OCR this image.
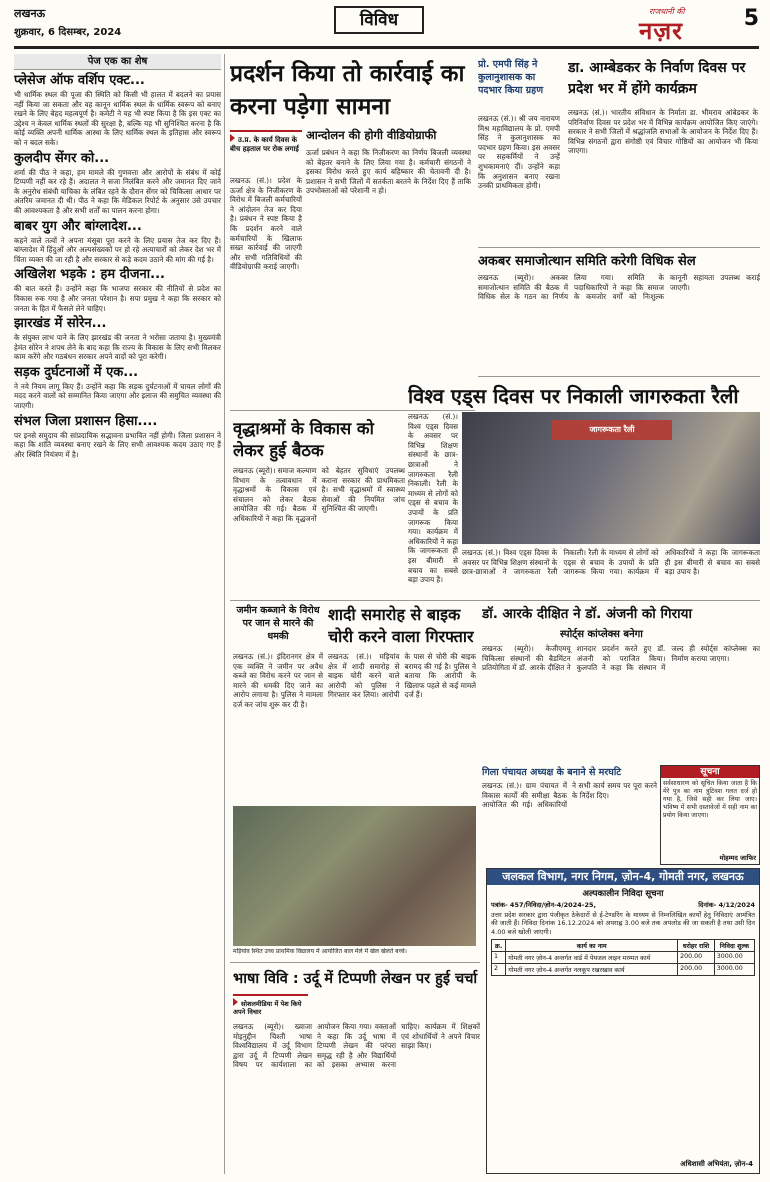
लखनऊ
शुक्रवार, 6 दिसम्बर, 2024
विविध	राजधानी की
नज़र	5
पेज एक का शेष
प्लेसेज ऑफ वर्शिप एक्ट...

भी धार्मिक स्थल की पूजा की स्थिति को किसी भी हालत में बदलने का प्रयास नहीं किया जा सकता और वह कानून धार्मिक स्थल के धार्मिक स्वरूप को बनाए रखने के लिए बेहद महत्वपूर्ण है। कमेटी ने यह भी स्पष्ट किया है कि इस एक्ट का उद्देश्य न केवल धार्मिक स्थलों की सुरक्षा है, बल्कि यह भी सुनिश्चित करना है कि कोई व्यक्ति अपनी धार्मिक आस्था के लिए धार्मिक स्थल के इतिहास और स्वरूप को न बदल सके।

कुलदीप सेंगर को...

शर्मा की पीठ ने कहा, हम मामले की गुणवत्ता और आरोपों के संबंध में कोई टिप्पणी नहीं कर रहे हैं। अदालत ने सजा निलंबित करने और जमानत दिए जाने के अनुरोध संबंधी याचिका के लंबित रहने के दौरान सेंगर को चिकित्सा आधार पर अंतरिम जमानत दी थी। पीठ ने कहा कि मेडिकल रिपोर्ट के अनुसार उसे उपचार की आवश्यकता है और सभी शर्तों का पालन करना होगा।

बाबर युग और बांग्लादेश...

कहने वाले तत्वों ने अपना मंसूबा पूरा करने के लिए प्रयास तेज कर दिए हैं। बांग्लादेश में हिंदुओं और अल्पसंख्यकों पर हो रहे अत्याचारों को लेकर देश भर में चिंता व्यक्त की जा रही है और सरकार से कड़े कदम उठाने की मांग की गई है।

अखिलेश भड़के : हम दीजना...

की बात करते हैं। उन्होंने कहा कि भाजपा सरकार की नीतियों से प्रदेश का विकास रुक गया है और जनता परेशान है। सपा प्रमुख ने कहा कि सरकार को जनता के हित में फैसले लेने चाहिए।

झारखंड में सोरेन...

के संयुक्त लाभ पाने के लिए झारखंड की जनता ने भरोसा जताया है। मुख्यमंत्री हेमंत सोरेन ने शपथ लेने के बाद कहा कि राज्य के विकास के लिए सभी मिलकर काम करेंगे और गठबंधन सरकार अपने वादों को पूरा करेगी।

सड़क दुर्घटनाओं में एक...

ने नये नियम लागू किए हैं। उन्होंने कहा कि सड़क दुर्घटनाओं में घायल लोगों की मदद करने वालों को सम्मानित किया जाएगा और इलाज की समुचित व्यवस्था की जाएगी।

संभल जिला प्रशासन हिसा....

पर इनसे समुदाय की सांप्रदायिक सद्भावना प्रभावित नहीं होगी। जिला प्रशासन ने कहा कि शांति व्यवस्था बनाए रखने के लिए सभी आवश्यक कदम उठाए गए हैं और स्थिति नियंत्रण में है।

प्रदर्शन किया तो कार्रवाई का करना पड़ेगा सामना
उ.प्र. के कार्य दिवस के बीच हड़ताल पर रोक लगाई
आन्दोलन की होगी वीडियोग्राफी
लखनऊ (सं.)। प्रदेश के ऊर्जा क्षेत्र के निजीकरण के विरोध में बिजली कर्मचारियों ने आंदोलन तेज कर दिया है। प्रबंधन ने स्पष्ट किया है कि प्रदर्शन करने वाले कर्मचारियों के खिलाफ सख्त कार्रवाई की जाएगी और सभी गतिविधियों की वीडियोग्राफी कराई जाएगी।
ऊर्जा प्रबंधन ने कहा कि निजीकरण का निर्णय बिजली व्यवस्था को बेहतर बनाने के लिए लिया गया है। कर्मचारी संगठनों ने इसका विरोध करते हुए कार्य बहिष्कार की चेतावनी दी है। प्रशासन ने सभी जिलों में सतर्कता बरतने के निर्देश दिए हैं ताकि उपभोक्ताओं को परेशानी न हो।
प्रो. एमपी सिंह ने कुलानुशासक का पदभार किया ग्रहण
लखनऊ (सं.)। श्री जय नारायण मिश्र महाविद्यालय के प्रो. एमपी सिंह ने कुलानुशासक का पदभार ग्रहण किया। इस अवसर पर सहकर्मियों ने उन्हें शुभकामनाएं दीं। उन्होंने कहा कि अनुशासन बनाए रखना उनकी प्राथमिकता होगी।
डा. आम्बेडकर के निर्वाण दिवस पर प्रदेश भर में होंगे कार्यक्रम
लखनऊ (सं.)। भारतीय संविधान के निर्माता डा. भीमराव आंबेडकर के परिनिर्वाण दिवस पर प्रदेश भर में विभिन्न कार्यक्रम आयोजित किए जाएंगे। सरकार ने सभी जिलों में श्रद्धांजलि सभाओं के आयोजन के निर्देश दिए हैं। विभिन्न संगठनों द्वारा संगोष्ठी एवं विचार गोष्ठियों का आयोजन भी किया जाएगा।
अकबर समाजोत्थान समिति करेगी विधिक सेल
लखनऊ (ब्यूरो)। अकबर समाजोत्थान समिति की बैठक में विधिक सेल के गठन का निर्णय लिया गया। समिति के पदाधिकारियों ने कहा कि समाज के कमजोर वर्गों को निःशुल्क कानूनी सहायता उपलब्ध कराई जाएगी।
वृद्धाश्रमों के विकास को लेकर हुई बैठक
लखनऊ (ब्यूरो)। समाज कल्याण विभाग के तत्वावधान में वृद्धाश्रमों के विकास एवं संचालन को लेकर बैठक आयोजित की गई। बैठक में अधिकारियों ने कहा कि वृद्धजनों को बेहतर सुविधाएं उपलब्ध कराना सरकार की प्राथमिकता है। सभी वृद्धाश्रमों में स्वास्थ्य सेवाओं की नियमित जांच सुनिश्चित की जाएगी।
विश्व एड्स दिवस पर निकाली जागरुकता रैली
लखनऊ (सं.)। विश्व एड्स दिवस के अवसर पर विभिन्न शिक्षण संस्थानों के छात्र-छात्राओं ने जागरुकता रैली निकाली। रैली के माध्यम से लोगों को एड्स से बचाव के उपायों के प्रति जागरूक किया गया। कार्यक्रम में अधिकारियों ने कहा कि जागरूकता ही इस बीमारी से बचाव का सबसे बड़ा उपाय है।
जागरूकता रैली
लखनऊ (सं.)। विश्व एड्स दिवस के अवसर पर विभिन्न शिक्षण संस्थानों के छात्र-छात्राओं ने जागरुकता रैली निकाली। रैली के माध्यम से लोगों को एड्स से बचाव के उपायों के प्रति जागरूक किया गया। कार्यक्रम में अधिकारियों ने कहा कि जागरूकता ही इस बीमारी से बचाव का सबसे बड़ा उपाय है।
जमीन कब्जाने के विरोध पर जान से मारने की धमकी
लखनऊ (सं.)। इंदिरानगर क्षेत्र में एक व्यक्ति ने जमीन पर अवैध कब्जे का विरोध करने पर जान से मारने की धमकी दिए जाने का आरोप लगाया है। पुलिस ने मामला दर्ज कर जांच शुरू कर दी है।
शादी समारोह से बाइक चोरी करने वाला गिरफ्तार
लखनऊ (सं.)। मड़ियांव क्षेत्र में शादी समारोह से बाइक चोरी करने वाले आरोपी को पुलिस ने गिरफ्तार कर लिया। आरोपी के पास से चोरी की बाइक बरामद की गई है। पुलिस ने बताया कि आरोपी के खिलाफ पहले से कई मामले दर्ज हैं।
मड़ियांव स्थित उच्च प्राथमिक विद्यालय में आयोजित बाल मेले में खेल खेलते बच्चे।
डॉ. आरके दीक्षित ने डॉ. अंजनी को गिराया
स्पोर्ट्स कांप्लेक्स बनेगा
लखनऊ (ब्यूरो)। केजीएमयू चिकित्सा संस्थानों की बैडमिंटन प्रतियोगिता में डॉ. आरके दीक्षित ने शानदार प्रदर्शन करते हुए डॉ. अंजनी को पराजित किया। कुलपति ने कहा कि संस्थान में जल्द ही स्पोर्ट्स कांप्लेक्स का निर्माण कराया जाएगा।
गिला पंचायत अध्यक्ष के बनाने से मरघटि
लखनऊ (सं.)। ग्राम पंचायत में विकास कार्यों की समीक्षा बैठक आयोजित की गई। अधिकारियों ने सभी कार्य समय पर पूरा करने के निर्देश दिए।
सूचना
सर्वसाधारण को सूचित किया जाता है कि मेरे पुत्र का नाम त्रुटिवश गलत दर्ज हो गया है, जिसे सही कर लिया जाए। भविष्य में सभी दस्तावेजों में सही नाम का प्रयोग किया जाएगा।
मोहम्मद जाफिर
भाषा विवि : उर्दू में टिप्पणी लेखन पर हुई चर्चा
सोशलमीडिया में पेश किये अपने विचार
लखनऊ (ब्यूरो)। ख्वाजा मोइनुद्दीन चिश्ती भाषा विश्वविद्यालय में उर्दू विभाग द्वारा उर्दू में टिप्पणी लेखन विषय पर कार्यशाला का आयोजन किया गया। वक्ताओं ने कहा कि उर्दू भाषा में टिप्पणी लेखन की परंपरा समृद्ध रही है और विद्यार्थियों को इसका अभ्यास करना चाहिए। कार्यक्रम में शिक्षकों एवं शोधार्थियों ने अपने विचार साझा किए।
जलकल विभाग, नगर निगम, ज़ोन-4, गोमती नगर, लखनऊ
अल्पकालीन निविदा सूचना
पत्रांक- 457/निविदा/ज़ोन-4/2024-25,	दिनांक- 4/12/2024
उत्तर प्रदेश सरकार द्वारा पंजीकृत ठेकेदारों से ई-टेण्डरिंग के माध्यम से निम्नलिखित कार्यों हेतु निविदाएं आमंत्रित की जाती हैं। निविदा दिनांक 16.12.2024 को अपराह्न 3.00 बजे तक अपलोड की जा सकती है तथा उसी दिन 4.00 बजे खोली जाएगी।
क्र.	कार्य का नाम	धरोहर राशि	निविदा शुल्क
1	गोमती नगर ज़ोन-4 अन्तर्गत वार्ड में पेयजल लाइन मरम्मत कार्य	200.00	3000.00
2	गोमती नगर ज़ोन-4 अन्तर्गत नलकूप रखरखाव कार्य	200.00	3000.00
अधिशासी अभियंता, ज़ोन-4
